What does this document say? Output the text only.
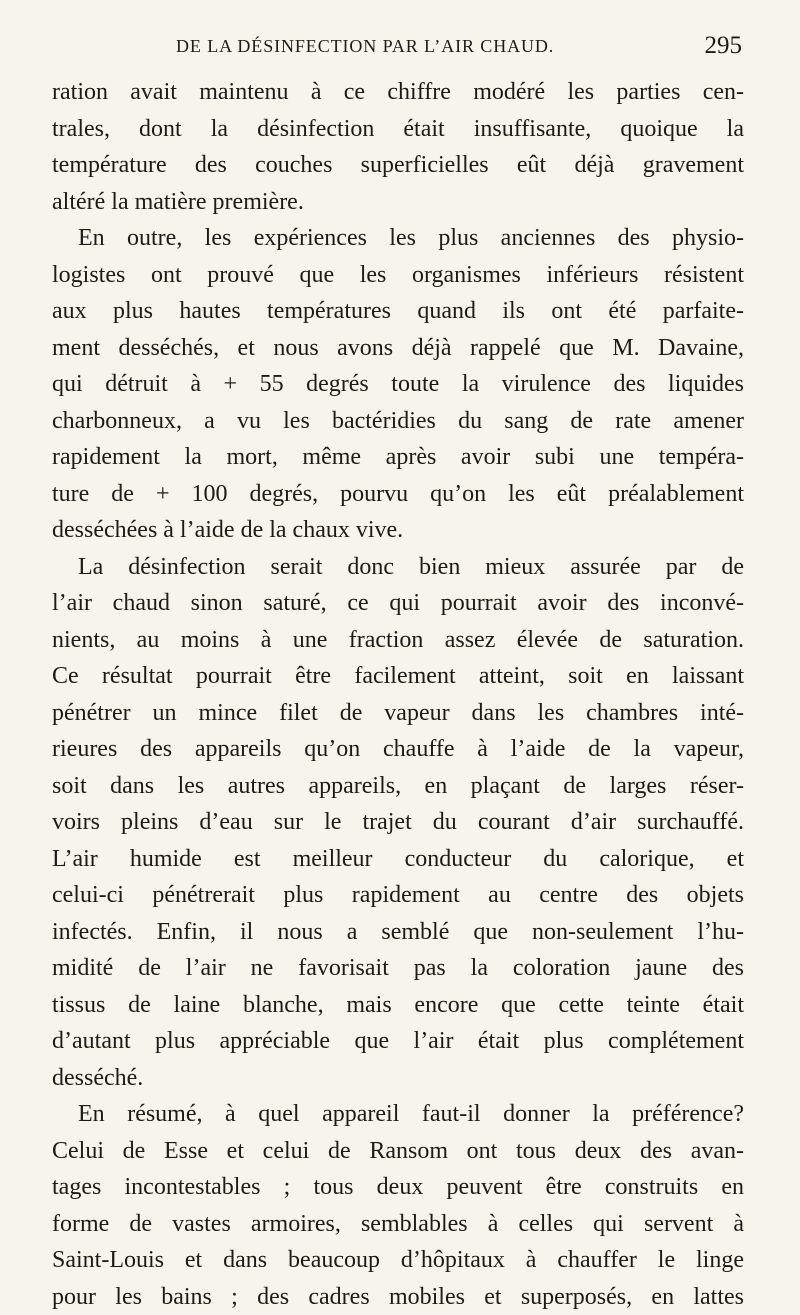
DE LA DÉSINFECTION PAR L’AIR CHAUD.	295
ration avait maintenu à ce chiffre modéré les parties cen-
trales, dont la désinfection était insuffisante, quoique la
température des couches superficielles eût déjà gravement
altéré la matière première.
En outre, les expériences les plus anciennes des physio-
logistes ont prouvé que les organismes inférieurs résistent
aux plus hautes températures quand ils ont été parfaite-
ment desséchés, et nous avons déjà rappelé que M. Davaine,
qui détruit à + 55 degrés toute la virulence des liquides
charbonneux, a vu les bactéridies du sang de rate amener
rapidement la mort, même après avoir subi une tempéra-
ture de + 100 degrés, pourvu qu’on les eût préalablement
desséchées à l’aide de la chaux vive.
La désinfection serait donc bien mieux assurée par de
l’air chaud sinon saturé, ce qui pourrait avoir des inconvé-
nients, au moins à une fraction assez élevée de saturation.
Ce résultat pourrait être facilement atteint, soit en laissant
pénétrer un mince filet de vapeur dans les chambres inté-
rieures des appareils qu’on chauffe à l’aide de la vapeur,
soit dans les autres appareils, en plaçant de larges réser-
voirs pleins d’eau sur le trajet du courant d’air surchauffé.
L’air humide est meilleur conducteur du calorique, et
celui-ci pénétrerait plus rapidement au centre des objets
infectés. Enfin, il nous a semblé que non-seulement l’hu-
midité de l’air ne favorisait pas la coloration jaune des
tissus de laine blanche, mais encore que cette teinte était
d’autant plus appréciable que l’air était plus complétement
desséché.
En résumé, à quel appareil faut-il donner la préférence?
Celui de Esse et celui de Ransom ont tous deux des avan-
tages incontestables ; tous deux peuvent être construits en
forme de vastes armoires, semblables à celles qui servent à
Saint-Louis et dans beaucoup d’hôpitaux à chauffer le linge
pour les bains ; des cadres mobiles et superposés, en lattes
